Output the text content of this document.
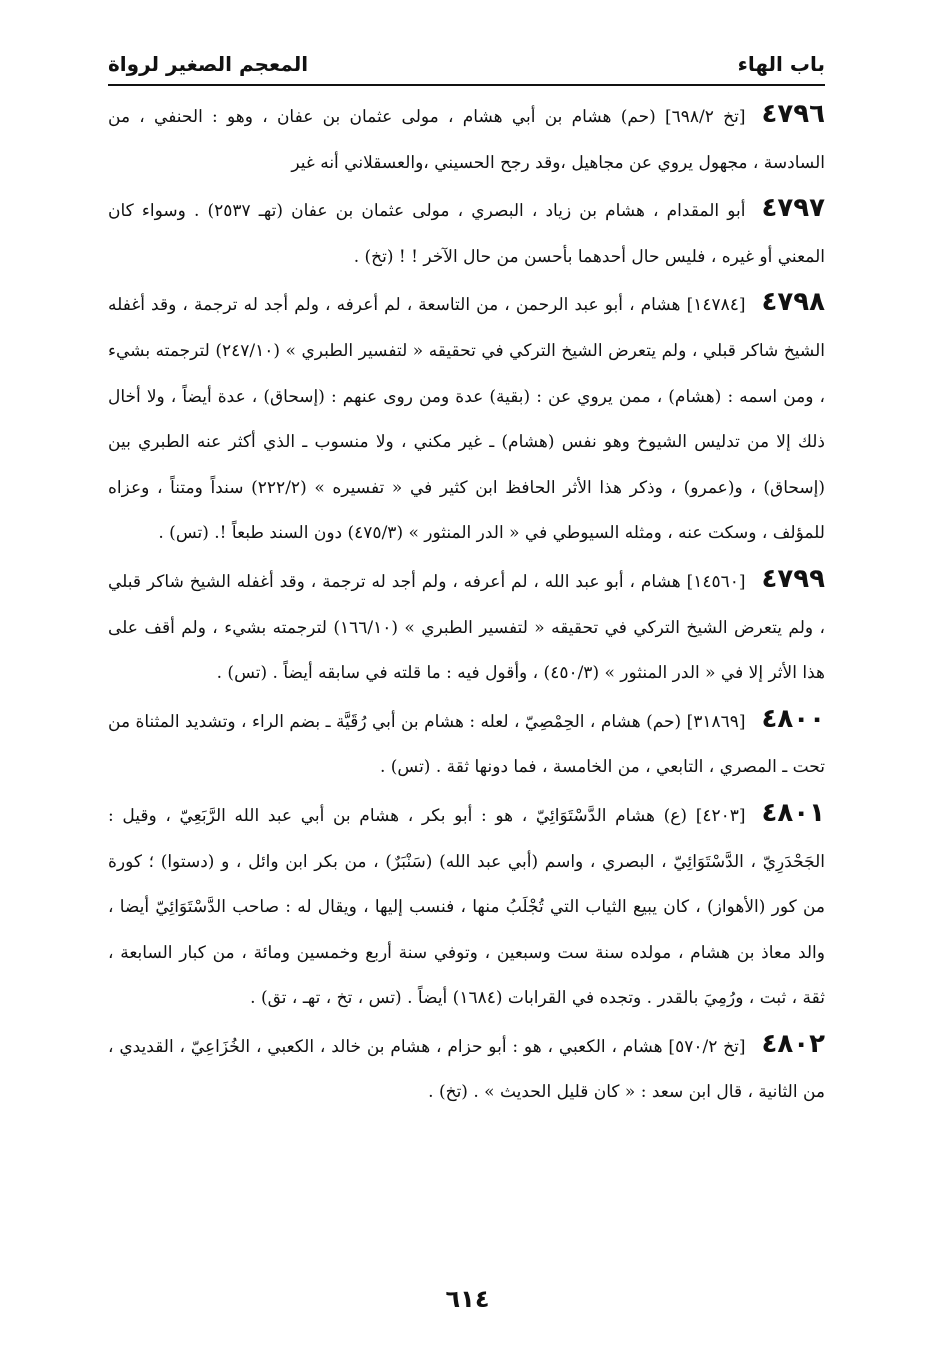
باب الهاء
المعجم الصغير لرواة

٤٧٩٦[تخ ٦٩٨/٢] (حم) هشام بن أبي هشام ، مولى عثمان بن عفان ، وهو : الحنفي ، من السادسة ، مجهول يروي عن مجاهيل ،وقد رجح الحسيني ،والعسقلاني أنه غير

٤٧٩٧أبو المقدام ، هشام بن زياد ، البصري ، مولى عثمان بن عفان (تهـ ٢٥٣٧) . وسواء كان المعني أو غيره ، فليس حال أحدهما بأحسن من حال الآخر ! ! (تخ) .

٤٧٩٨[١٤٧٨٤] هشام ، أبو عبد الرحمن ، من التاسعة ، لم أعرفه ، ولم أجد له ترجمة ، وقد أغفله الشيخ شاكر قبلي ، ولم يتعرض الشيخ التركي في تحقيقه « لتفسير الطبري » (٢٤٧/١٠) لترجمته بشيء ، ومن اسمه : (هشام) ، ممن يروي عن : (بقية) عدة ومن روى عنهم : (إسحاق) ، عدة أيضاً ، ولا أخال ذلك إلا من تدليس الشيوخ وهو نفس (هشام) ـ غير مكني ، ولا منسوب ـ الذي أكثر عنه الطبري بين (إسحاق) ، و(عمرو) ، وذكر هذا الأثر الحافظ ابن كثير في « تفسيره » (٢٢٢/٢) سنداً ومتناً ، وعزاه للمؤلف ، وسكت عنه ، ومثله السيوطي في « الدر المنثور » (٤٧٥/٣) دون السند طبعاً !. (تس) .

٤٧٩٩[١٤٥٦٠] هشام ، أبو عبد الله ، لم أعرفه ، ولم أجد له ترجمة ، وقد أغفله الشيخ شاكر قبلي ، ولم يتعرض الشيخ التركي في تحقيقه « لتفسير الطبري » (١٦٦/١٠) لترجمته بشيء ، ولم أقف على هذا الأثر إلا في « الدر المنثور » (٤٥٠/٣) ، وأقول فيه : ما قلته في سابقه أيضاً . (تس) .

٤٨٠٠[٣١٨٦٩] (حم) هشام ، الحِمْصِيّ ، لعله : هشام بن أبي رُقَيَّة ـ بضم الراء ، وتشديد المثناة من تحت ـ المصري ، التابعي ، من الخامسة ، فما دونها ثقة . (تس) .

٤٨٠١[٤٢٠٣] (ع) هشام الدَّسْتَوَائِيّ ، هو : أبو بكر ، هشام بن أبي عبد الله الرَّبَعِيّ ، وقيل : الجَحْدَرِيّ ، الدَّسْتَوَائِيّ ، البصري ، واسم (أبي عبد الله) (سَنْبَرٌ) ، من بكر ابن وائل ، و (دستوا) ؛ كورة من كور (الأهواز) ، كان يبيع الثياب التي تُجْلَبُ منها ، فنسب إليها ، ويقال له : صاحب الدَّسْتَوَائِيّ أيضا ، والد معاذ بن هشام ، مولده سنة ست وسبعين ، وتوفي سنة أربع وخمسين ومائة ، من كبار السابعة ، ثقة ، ثبت ، ورُمِيَ بالقدر . وتجده في القرابات (١٦٨٤) أيضاً . (تس ، تخ ، تهـ ، تق) .

٤٨٠٢[تخ ٥٧٠/٢] هشام ، الكعبي ، هو : أبو حزام ، هشام بن خالد ، الكعبي ، الخُزَاعِيّ ، القديدي ، من الثانية ، قال ابن سعد : « كان قليل الحديث » . (تخ) .

٦١٤
